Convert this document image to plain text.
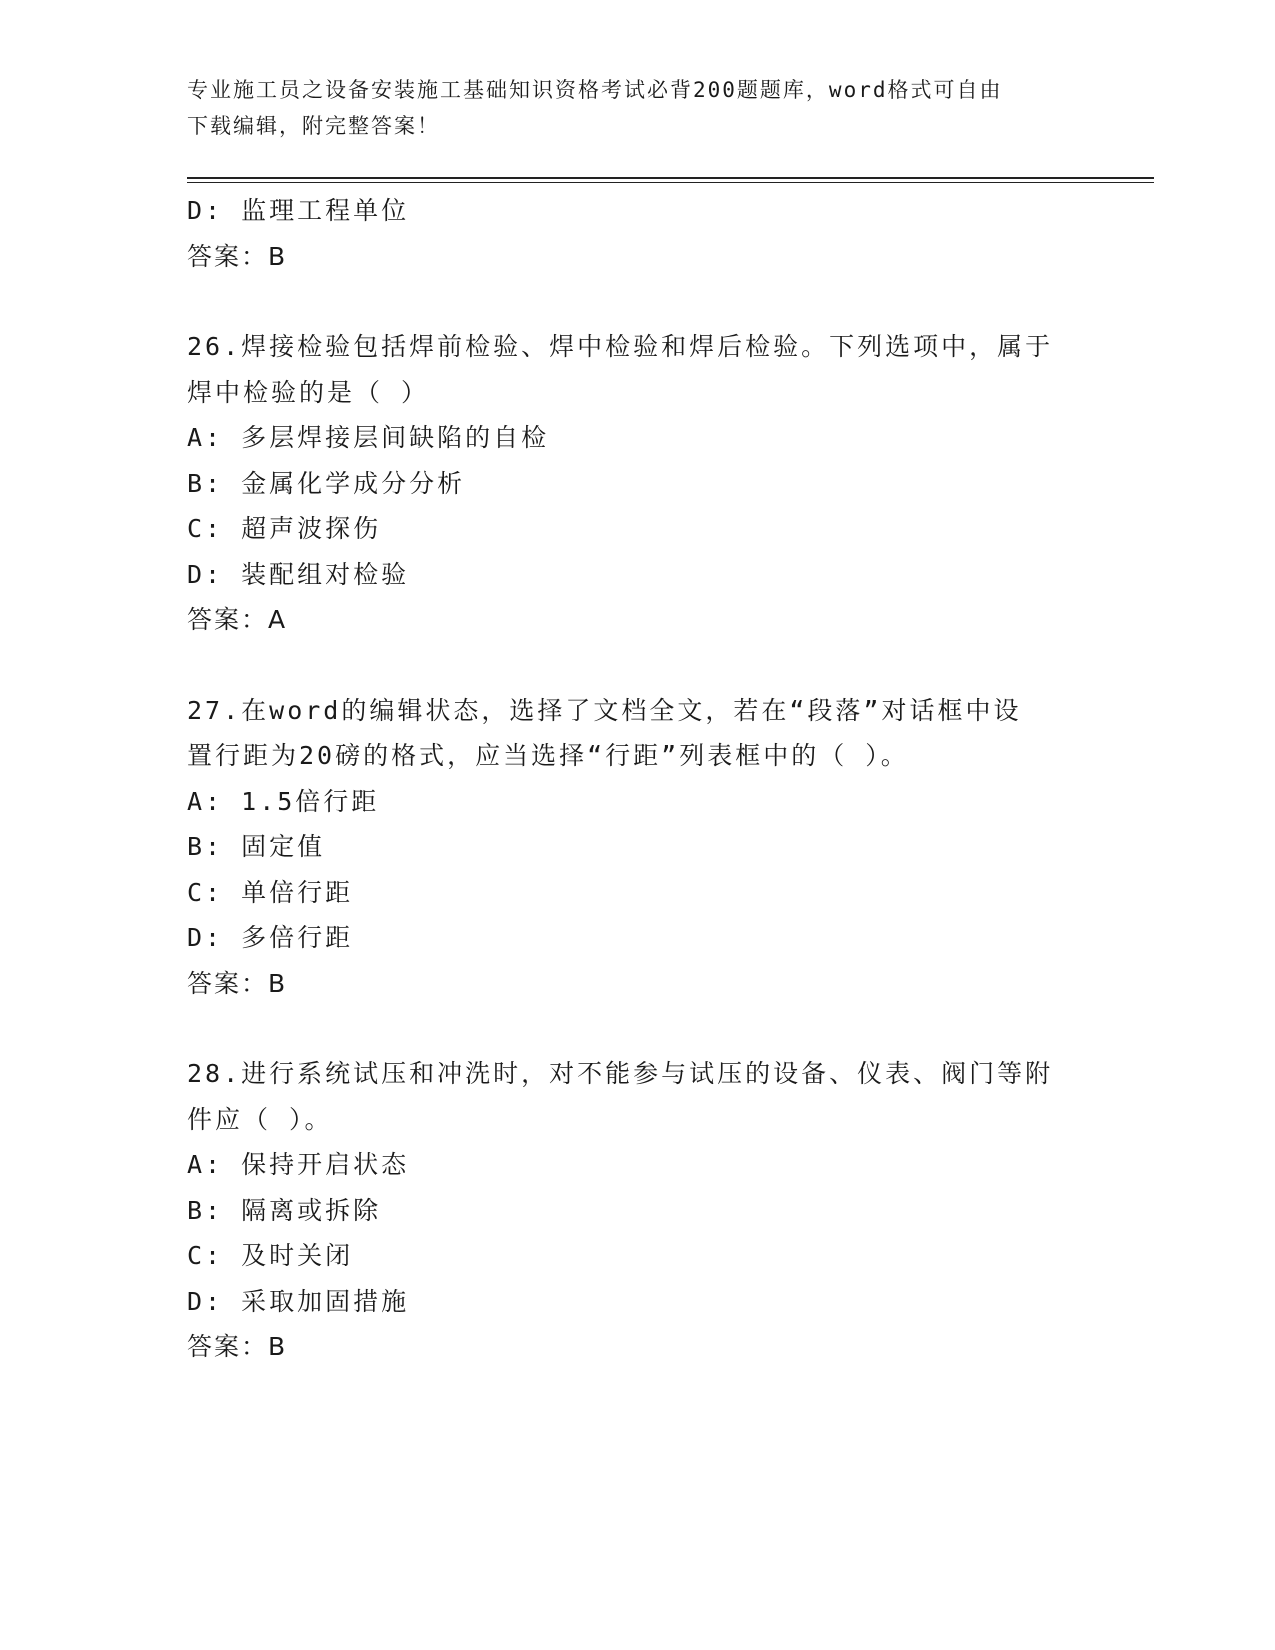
专业施工员之设备安装施工基础知识资格考试必背200题题库，word格式可自由
下载编辑，附完整答案！
D: 监理工程单位
答案：B
26.焊接检验包括焊前检验、焊中检验和焊后检验。下列选项中，属于
焊中检验的是（ ）
A: 多层焊接层间缺陷的自检
B: 金属化学成分分析
C: 超声波探伤
D: 装配组对检验
答案：A
27.在word的编辑状态，选择了文档全文，若在“段落”对话框中设
置行距为20磅的格式，应当选择“行距”列表框中的（ ）。
A: 1.5倍行距
B: 固定值
C: 单倍行距
D: 多倍行距
答案：B
28.进行系统试压和冲洗时，对不能参与试压的设备、仪表、阀门等附
件应（ ）。
A: 保持开启状态
B: 隔离或拆除
C: 及时关闭
D: 采取加固措施
答案：B
